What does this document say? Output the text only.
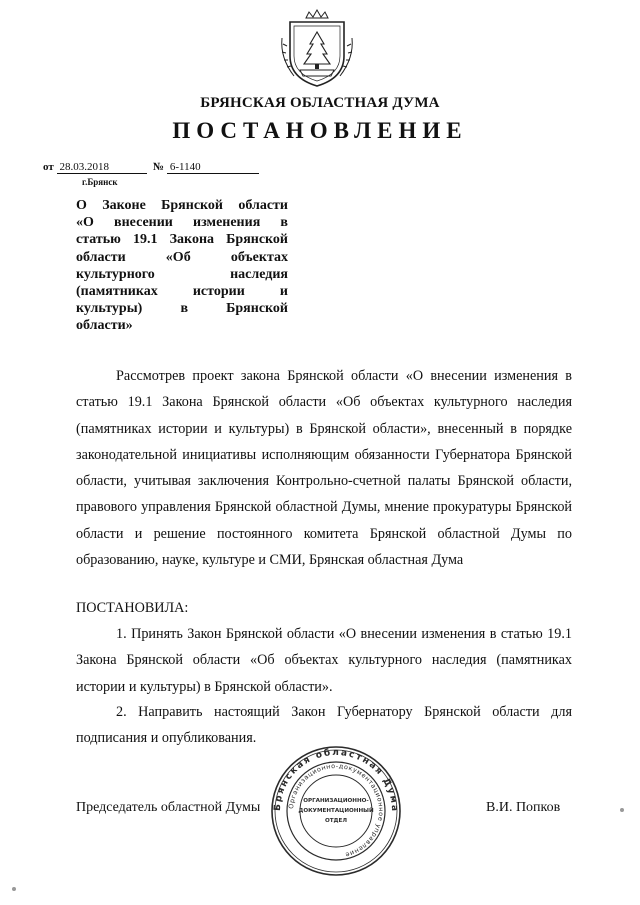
БРЯНСКАЯ ОБЛАСТНАЯ ДУМА
ПОСТАНОВЛЕНИЕ
от 28.03.2018	№ 6-1140
г.Брянск
О Законе Брянской области
«О внесении изменения в
статью 19.1 Закона Брянской
области «Об объектах
культурного наследия
(памятниках истории и
культуры) в Брянской
области»
Рассмотрев проект закона Брянской области «О внесении изменения в статью 19.1 Закона Брянской области «Об объектах культурного наследия (памятниках истории и культуры) в Брянской области», внесенный в порядке законодательной инициативы исполняющим обязанности Губернатора Брянской области, учитывая заключения Контрольно-счетной палаты Брянской области, правового управления Брянской областной Думы, мнение прокуратуры Брянской области и решение постоянного комитета Брянской областной Думы по образованию, науке, культуре и СМИ, Брянская областная Дума
ПОСТАНОВИЛА:
1. Принять Закон Брянской области «О внесении изменения в статью 19.1 Закона Брянской области «Об объектах культурного наследия (памятниках истории и культуры) в Брянской области».
2. Направить настоящий Закон Губернатору Брянской области для подписания и опубликования.
Председатель областной Думы	В.И. Попков
Брянская областная Дума
Организационно-документационное управление
ОРГАНИЗАЦИОННО-
ДОКУМЕНТАЦИОННЫЙ
ОТДЕЛ
